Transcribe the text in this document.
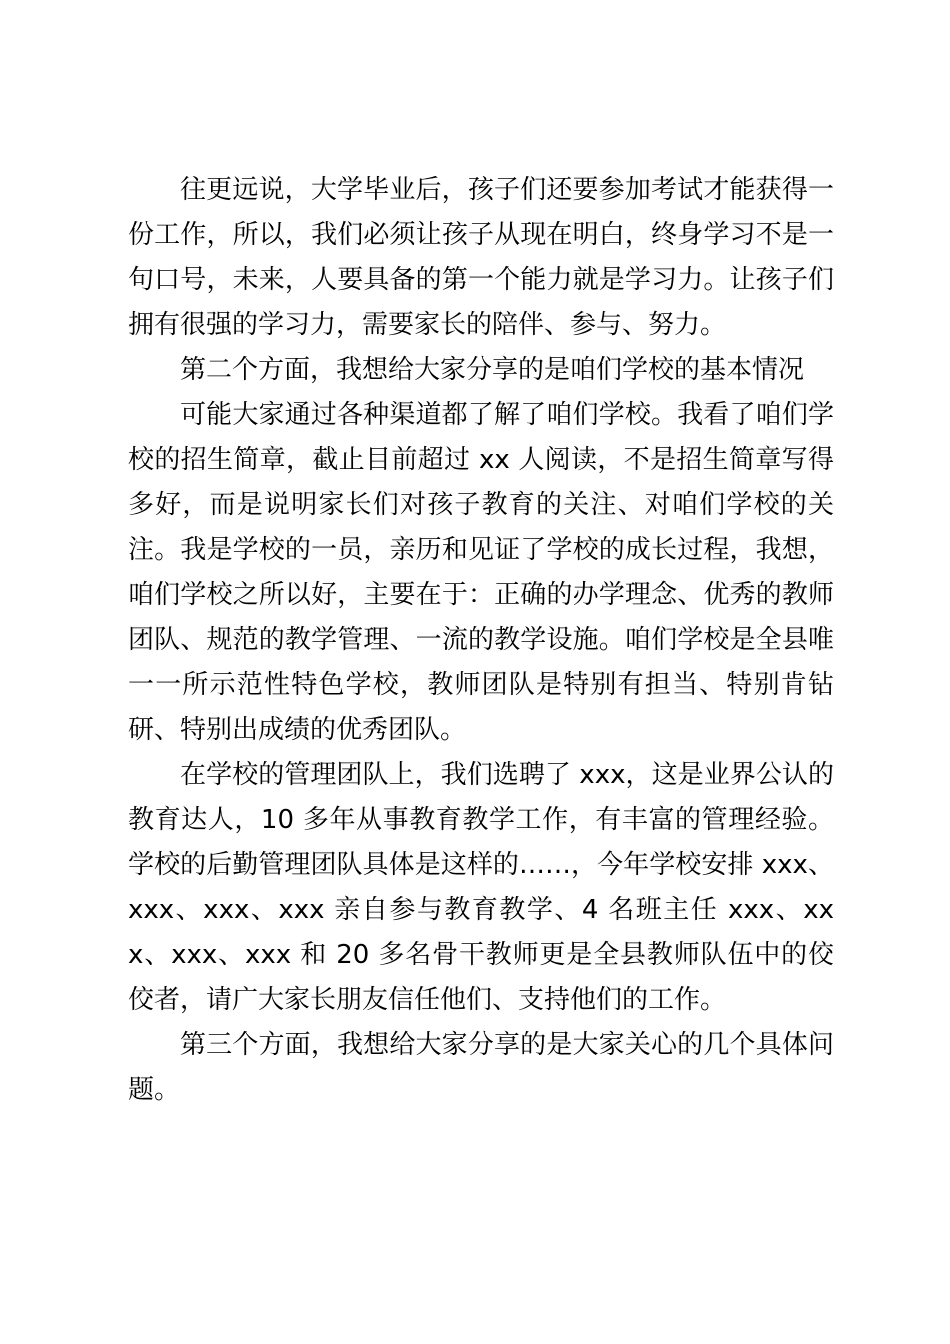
往更远说，大学毕业后，孩子们还要参加考试才能获得一份工作，所以，我们必须让孩子从现在明白，终身学习不是一句口号，未来，人要具备的第一个能力就是学习力。让孩子们拥有很强的学习力，需要家长的陪伴、参与、努力。

第二个方面，我想给大家分享的是咱们学校的基本情况

可能大家通过各种渠道都了解了咱们学校。我看了咱们学校的招生简章，截止目前超过 xx 人阅读，不是招生简章写得多好，而是说明家长们对孩子教育的关注、对咱们学校的关注。我是学校的一员，亲历和见证了学校的成长过程，我想，咱们学校之所以好，主要在于：正确的办学理念、优秀的教师团队、规范的教学管理、一流的教学设施。咱们学校是全县唯一一所示范性特色学校，教师团队是特别有担当、特别肯钻研、特别出成绩的优秀团队。

在学校的管理团队上，我们选聘了 xxx，这是业界公认的教育达人，10 多年从事教育教学工作，有丰富的管理经验。学校的后勤管理团队具体是这样的……，今年学校安排 xxx、xxx、xxx、xxx 亲自参与教育教学、4 名班主任 xxx、xxx、xxx、xxx 和 20 多名骨干教师更是全县教师队伍中的佼佼者，请广大家长朋友信任他们、支持他们的工作。

第三个方面，我想给大家分享的是大家关心的几个具体问题。
